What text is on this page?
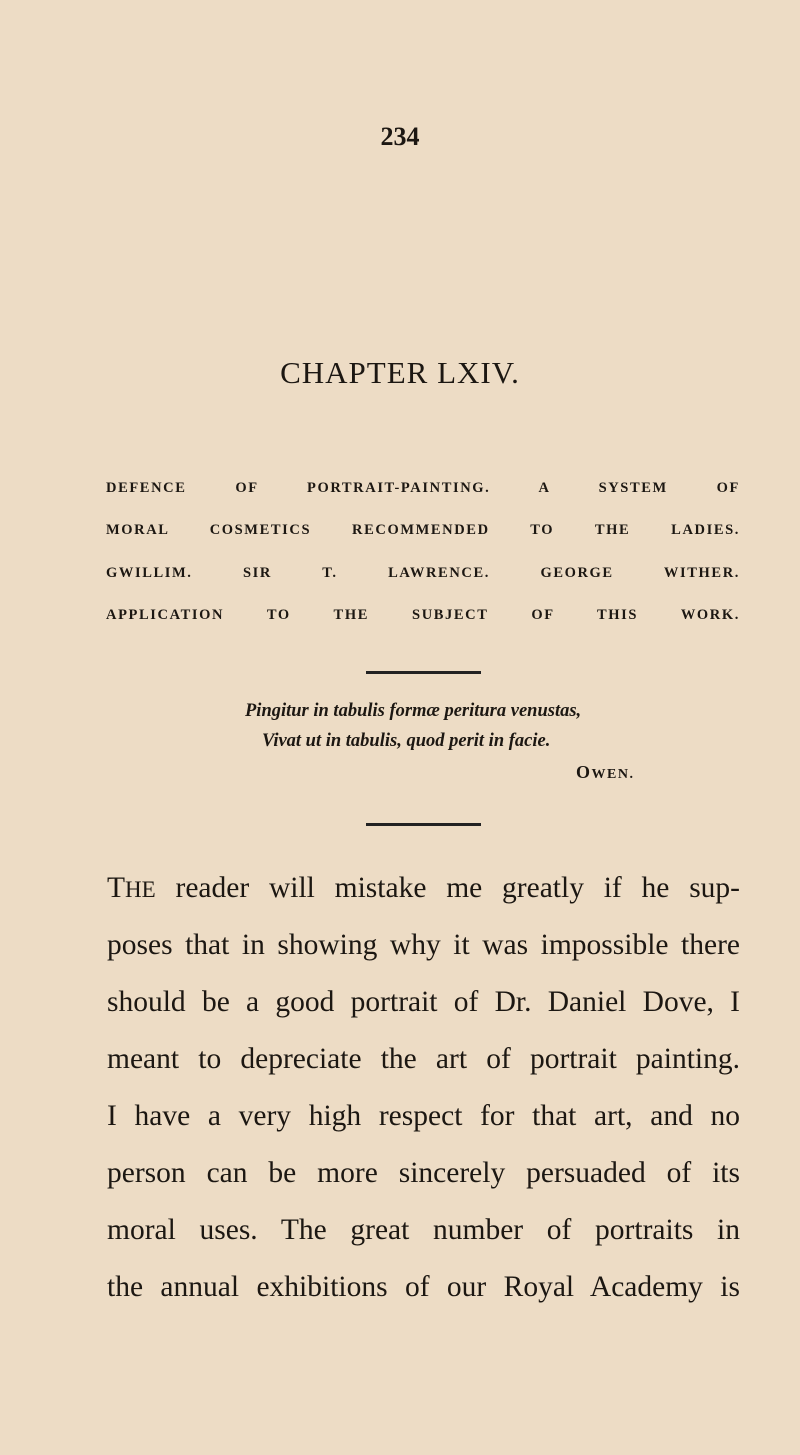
234
CHAPTER LXIV.
DEFENCE OF PORTRAIT-PAINTING. A SYSTEM OF
MORAL COSMETICS RECOMMENDED TO THE LADIES.
GWILLIM. SIR T. LAWRENCE. GEORGE WITHER.
APPLICATION TO THE SUBJECT OF THIS WORK.
Pingitur in tabulis formæ peritura venustas,
Vivat ut in tabulis, quod perit in facie.
OWEN.
THE reader will mistake me greatly if he sup-
poses that in showing why it was impossible there
should be a good portrait of Dr. Daniel Dove, I
meant to depreciate the art of portrait painting.
I have a very high respect for that art, and no
person can be more sincerely persuaded of its
moral uses. The great number of portraits in
the annual exhibitions of our Royal Academy is
